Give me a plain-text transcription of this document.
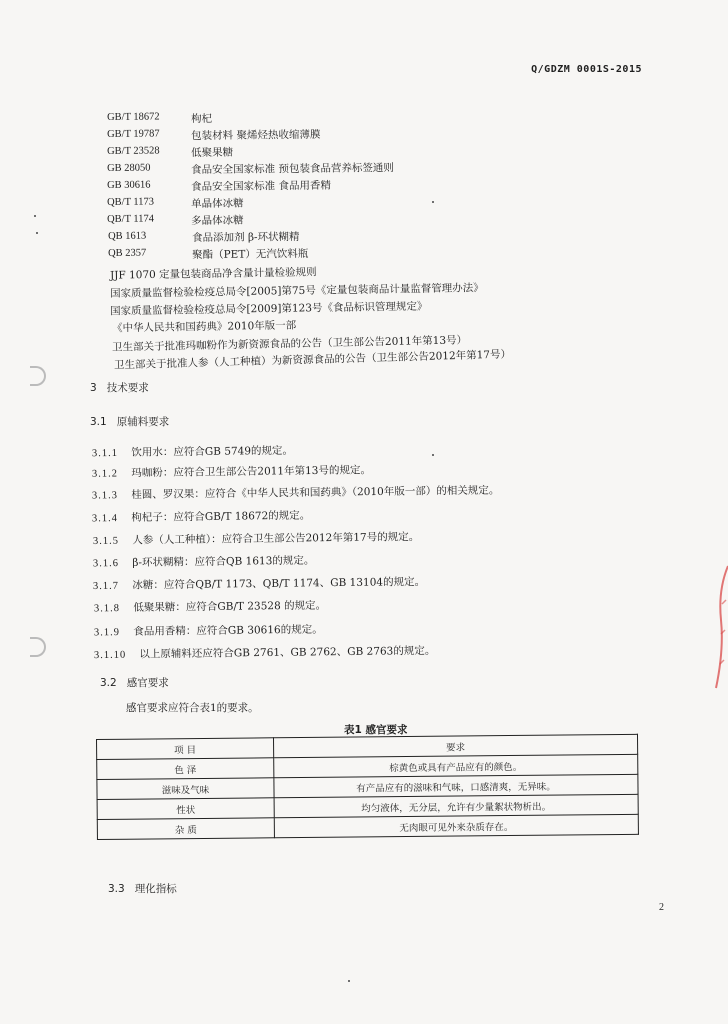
Q/GDZM 0001S-2015
GB/T 18672	枸杞
GB/T 19787	包装材料 聚烯烃热收缩薄膜
GB/T 23528	低聚果糖
GB 28050	食品安全国家标准 预包装食品营养标签通则
GB 30616	食品安全国家标准 食品用香精
QB/T 1173	单晶体冰糖
QB/T 1174	多晶体冰糖
QB 1613	食品添加剂 β-环状糊精
QB 2357	聚酯（PET）无汽饮料瓶
JJF 1070 定量包装商品净含量计量检验规则
国家质量监督检验检疫总局令[2005]第75号《定量包装商品计量监督管理办法》
国家质量监督检验检疫总局令[2009]第123号《食品标识管理规定》
《中华人民共和国药典》2010年版一部
卫生部关于批准玛咖粉作为新资源食品的公告（卫生部公告2011年第13号）
卫生部关于批准人参（人工种植）为新资源食品的公告（卫生部公告2012年第17号）
3 技术要求
3.1 原辅料要求
3.1.1 饮用水：应符合GB 5749的规定。
3.1.2 玛咖粉：应符合卫生部公告2011年第13号的规定。
3.1.3 桂圆、罗汉果：应符合《中华人民共和国药典》（2010年版一部）的相关规定。
3.1.4 枸杞子：应符合GB/T 18672的规定。
3.1.5 人参（人工种植）：应符合卫生部公告2012年第17号的规定。
3.1.6 β-环状糊精：应符合QB 1613的规定。
3.1.7 冰糖：应符合QB/T 1173、QB/T 1174、GB 13104的规定。
3.1.8 低聚果糖：应符合GB/T 23528 的规定。
3.1.9 食品用香精：应符合GB 30616的规定。
3.1.10 以上原辅料还应符合GB 2761、GB 2762、GB 2763的规定。
3.2 感官要求
感官要求应符合表1的要求。
表1 感官要求
项 目	要求
色 泽	棕黄色或具有产品应有的颜色。
滋味及气味	有产品应有的滋味和气味，口感清爽，无异味。
性状	均匀液体，无分层，允许有少量絮状物析出。
杂 质	无肉眼可见外来杂质存在。
3.3 理化指标
2
